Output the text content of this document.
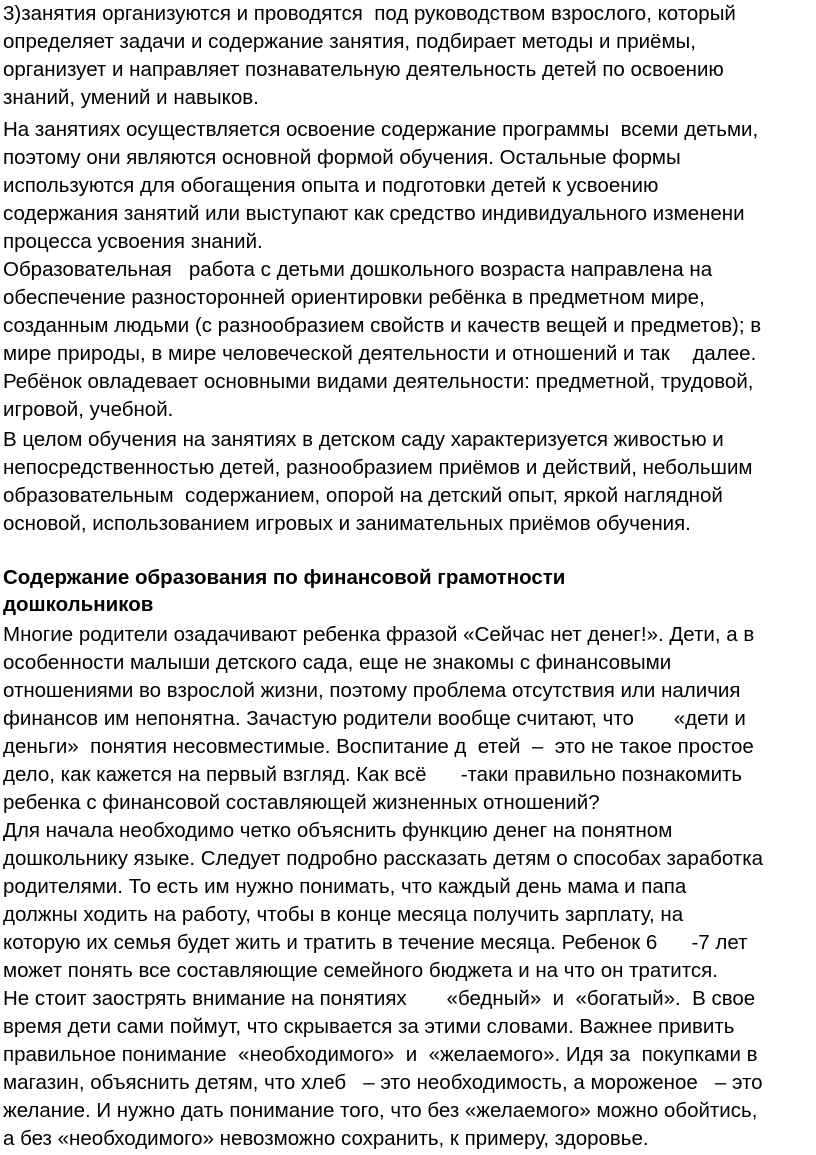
3)занятия организуются и проводятся  под руководством взрослого, который
определяет задачи и содержание занятия, подбирает методы и приёмы,
организует и направляет познавательную деятельность детей по освоению
знаний, умений и навыков.
На занятиях осуществляется освоение содержание программы  всеми детьми,
поэтому они являются основной формой обучения. Остальные формы
используются для обогащения опыта и подготовки детей к усвоению
содержания занятий или выступают как средство индивидуального изменени
процесса усвоения знаний.
Образовательная   работа с детьми дошкольного возраста направлена на
обеспечение разносторонней ориентировки ребёнка в предметном мире,
созданным людьми (с разнообразием свойств и качеств вещей и предметов); в
мире природы, в мире человеческой деятельности и отношений и так    далее.
Ребёнок овладевает основными видами деятельности: предметной, трудовой,
игровой, учебной.
В целом обучения на занятиях в детском саду характеризуется живостью и
непосредственностью детей, разнообразием приёмов и действий, небольшим
образовательным  содержанием, опорой на детский опыт, яркой наглядной
основой, использованием игровых и занимательных приёмов обучения.
Содержание образования по финансовой грамотности
дошкольников
Многие родители озадачивают ребенка фразой «Сейчас нет денег!». Дети, а в
особенности малыши детского сада, еще не знакомы с финансовыми
отношениями во взрослой жизни, поэтому проблема отсутствия или наличия
финансов им непонятна. Зачастую родители вообще считают, что       «дети и
деньги»  понятия несовместимые. Воспитание д  етей  –  это не такое простое
дело, как кажется на первый взгляд. Как всё      -таки правильно познакомить
ребенка с финансовой составляющей жизненных отношений?
Для начала необходимо четко объяснить функцию денег на понятном
дошкольнику языке. Следует подробно рассказать детям о способах заработка
родителями. То есть им нужно понимать, что каждый день мама и папа
должны ходить на работу, чтобы в конце месяца получить зарплату, на
которую их семья будет жить и тратить в течение месяца. Ребенок 6      -7 лет
может понять все составляющие семейного бюджета и на что он тратится.
Не стоит заострять внимание на понятиях       «бедный»  и  «богатый».  В свое
время дети сами поймут, что скрывается за этими словами. Важнее привить
правильное понимание  «необходимого»  и  «желаемого». Идя за  покупками в
магазин, объяснить детям, что хлеб   – это необходимость, а мороженое   – это
желание. И нужно дать понимание того, что без «желаемого» можно обойтись,
а без «необходимого» невозможно сохранить, к примеру, здоровье.
